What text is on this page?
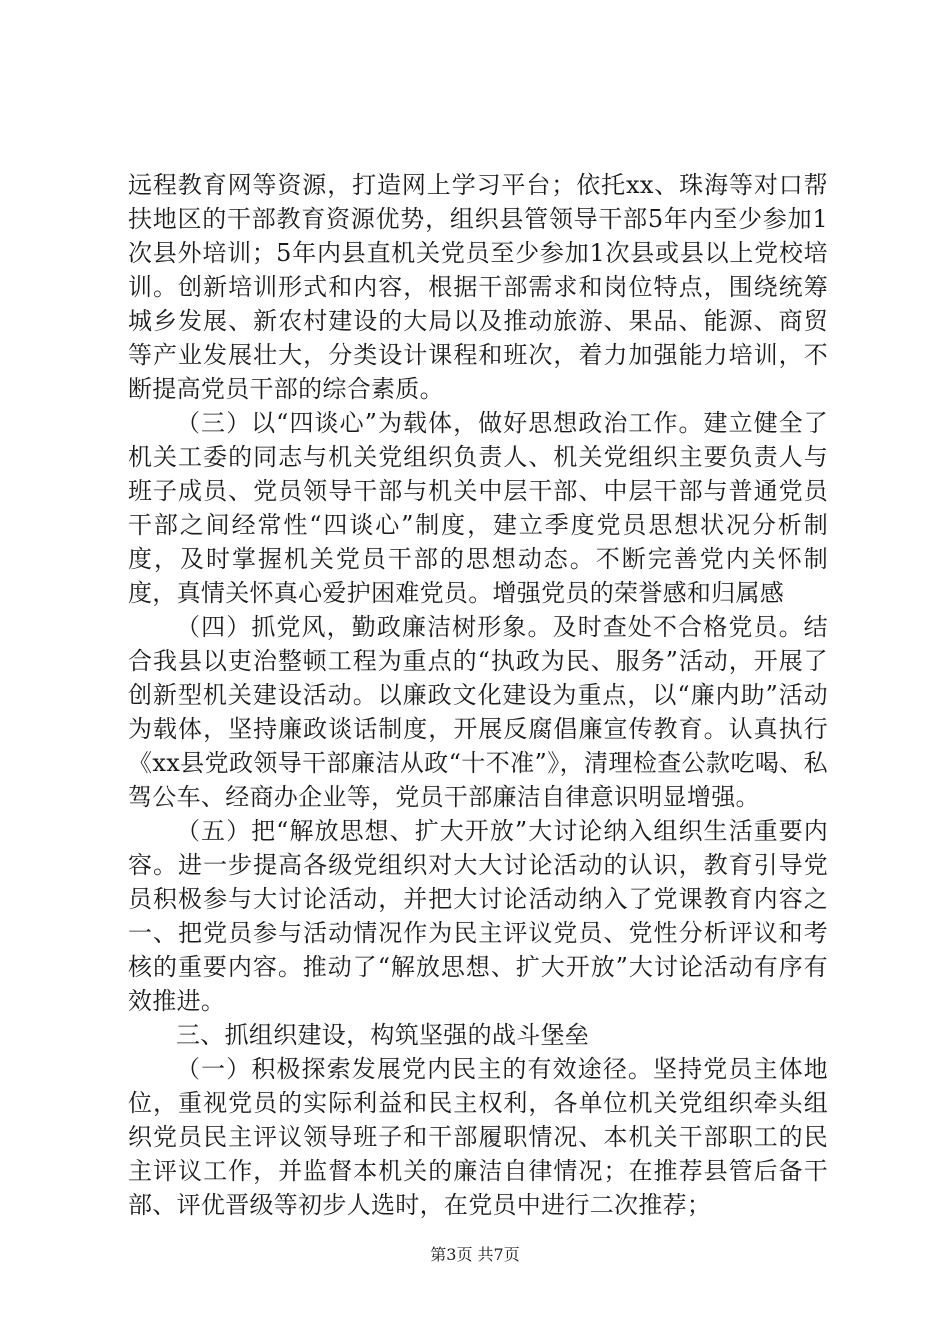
远程教育网等资源，打造网上学习平台；依托xx、珠海等对口帮扶地区的干部教育资源优势，组织县管领导干部5年内至少参加1次县外培训；5年内县直机关党员至少参加1次县或县以上党校培训。创新培训形式和内容，根据干部需求和岗位特点，围绕统筹城乡发展、新农村建设的大局以及推动旅游、果品、能源、商贸等产业发展壮大，分类设计课程和班次，着力加强能力培训，不断提高党员干部的综合素质。

（三）以“四谈心”为载体，做好思想政治工作。建立健全了机关工委的同志与机关党组织负责人、机关党组织主要负责人与班子成员、党员领导干部与机关中层干部、中层干部与普通党员干部之间经常性“四谈心”制度，建立季度党员思想状况分析制度，及时掌握机关党员干部的思想动态。不断完善党内关怀制度，真情关怀真心爱护困难党员。增强党员的荣誉感和归属感

（四）抓党风，勤政廉洁树形象。及时查处不合格党员。结合我县以吏治整顿工程为重点的“执政为民、服务”活动，开展了创新型机关建设活动。以廉政文化建设为重点，以“廉内助”活动为载体，坚持廉政谈话制度，开展反腐倡廉宣传教育。认真执行《xx县党政领导干部廉洁从政“十不准”》，清理检查公款吃喝、私驾公车、经商办企业等，党员干部廉洁自律意识明显增强。

（五）把“解放思想、扩大开放”大讨论纳入组织生活重要内容。进一步提高各级党组织对大大讨论活动的认识，教育引导党员积极参与大讨论活动，并把大讨论活动纳入了党课教育内容之一、把党员参与活动情况作为民主评议党员、党性分析评议和考核的重要内容。推动了“解放思想、扩大开放”大讨论活动有序有效推进。

三、抓组织建设，构筑坚强的战斗堡垒

（一）积极探索发展党内民主的有效途径。坚持党员主体地位，重视党员的实际利益和民主权利，各单位机关党组织牵头组织党员民主评议领导班子和干部履职情况、本机关干部职工的民主评议工作，并监督本机关的廉洁自律情况；在推荐县管后备干部、评优晋级等初步人选时，在党员中进行二次推荐；

第3页 共7页
